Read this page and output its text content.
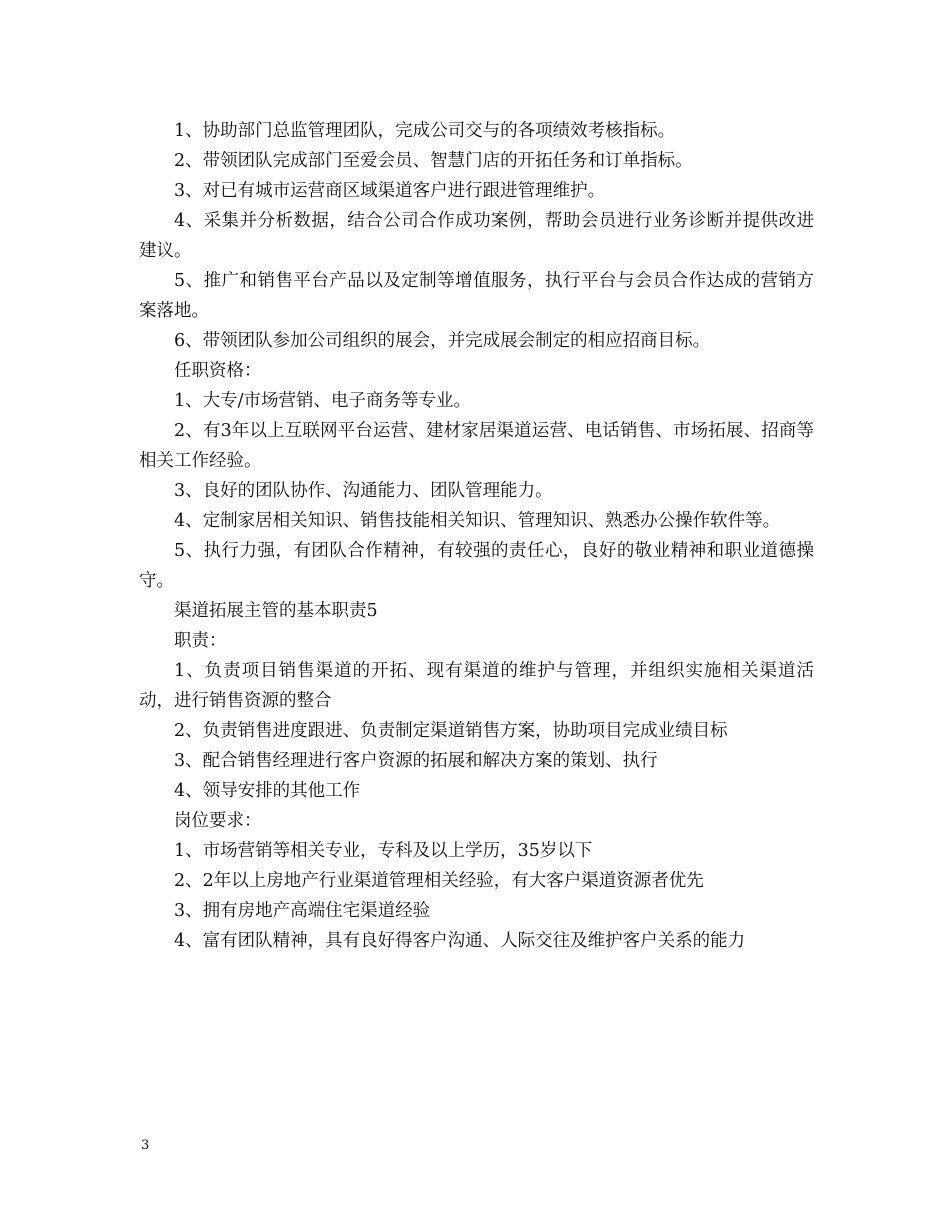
1、协助部门总监管理团队，完成公司交与的各项绩效考核指标。

2、带领团队完成部门至爱会员、智慧门店的开拓任务和订单指标。

3、对已有城市运营商区域渠道客户进行跟进管理维护。

4、采集并分析数据，结合公司合作成功案例，帮助会员进行业务诊断并提供改进建议。

5、推广和销售平台产品以及定制等增值服务，执行平台与会员合作达成的营销方案落地。

6、带领团队参加公司组织的展会，并完成展会制定的相应招商目标。

任职资格：

1、大专/市场营销、电子商务等专业。

2、有3年以上互联网平台运营、建材家居渠道运营、电话销售、市场拓展、招商等相关工作经验。

3、良好的团队协作、沟通能力、团队管理能力。

4、定制家居相关知识、销售技能相关知识、管理知识、熟悉办公操作软件等。

5、执行力强，有团队合作精神，有较强的责任心，良好的敬业精神和职业道德操守。

渠道拓展主管的基本职责5

职责：

1、负责项目销售渠道的开拓、现有渠道的维护与管理，并组织实施相关渠道活动，进行销售资源的整合

2、负责销售进度跟进、负责制定渠道销售方案，协助项目完成业绩目标

3、配合销售经理进行客户资源的拓展和解决方案的策划、执行

4、领导安排的其他工作

岗位要求：

1、市场营销等相关专业，专科及以上学历，35岁以下

2、2年以上房地产行业渠道管理相关经验，有大客户渠道资源者优先

3、拥有房地产高端住宅渠道经验

4、富有团队精神，具有良好得客户沟通、人际交往及维护客户关系的能力

3
